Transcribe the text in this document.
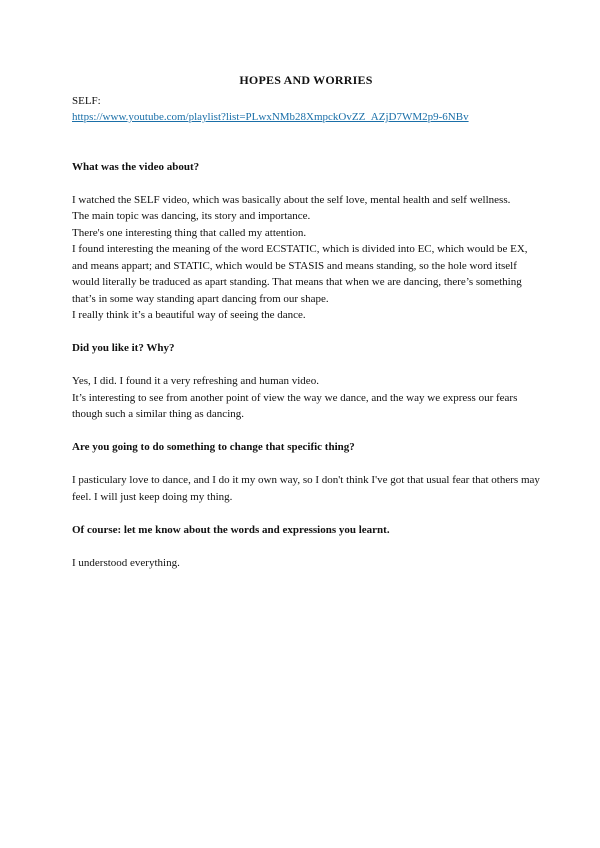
HOPES AND WORRIES

SELF:

https://www.youtube.com/playlist?list=PLwxNMb28XmpckOvZZ_AZjD7WM2p9-6NBv

What was the video about?

I watched the SELF video, which was basically about the self love, mental health and self wellness.

The main topic was dancing, its story and importance.

There's one interesting thing that called my attention.

I found interesting the meaning of the word ECSTATIC, which is divided into EC, which would be EX, and means appart; and STATIC, which would be STASIS and means standing, so the hole word itself would literally be traduced as apart standing. That means that when we are dancing, there’s something that’s in some way standing apart dancing from our shape.

I really think it’s a beautiful way of seeing the dance.

Did you like it? Why?

Yes, I did. I found it a very refreshing and human video.

It’s interesting to see from another point of view the way we dance, and the way we express our fears though such a similar thing as dancing.

Are you going to do something to change that specific thing?

I pasticulary love to dance, and I do it my own way, so I don't think I've got that usual fear that others may feel. I will just keep doing my thing.

Of course: let me know about the words and expressions you learnt.

I understood everything.
